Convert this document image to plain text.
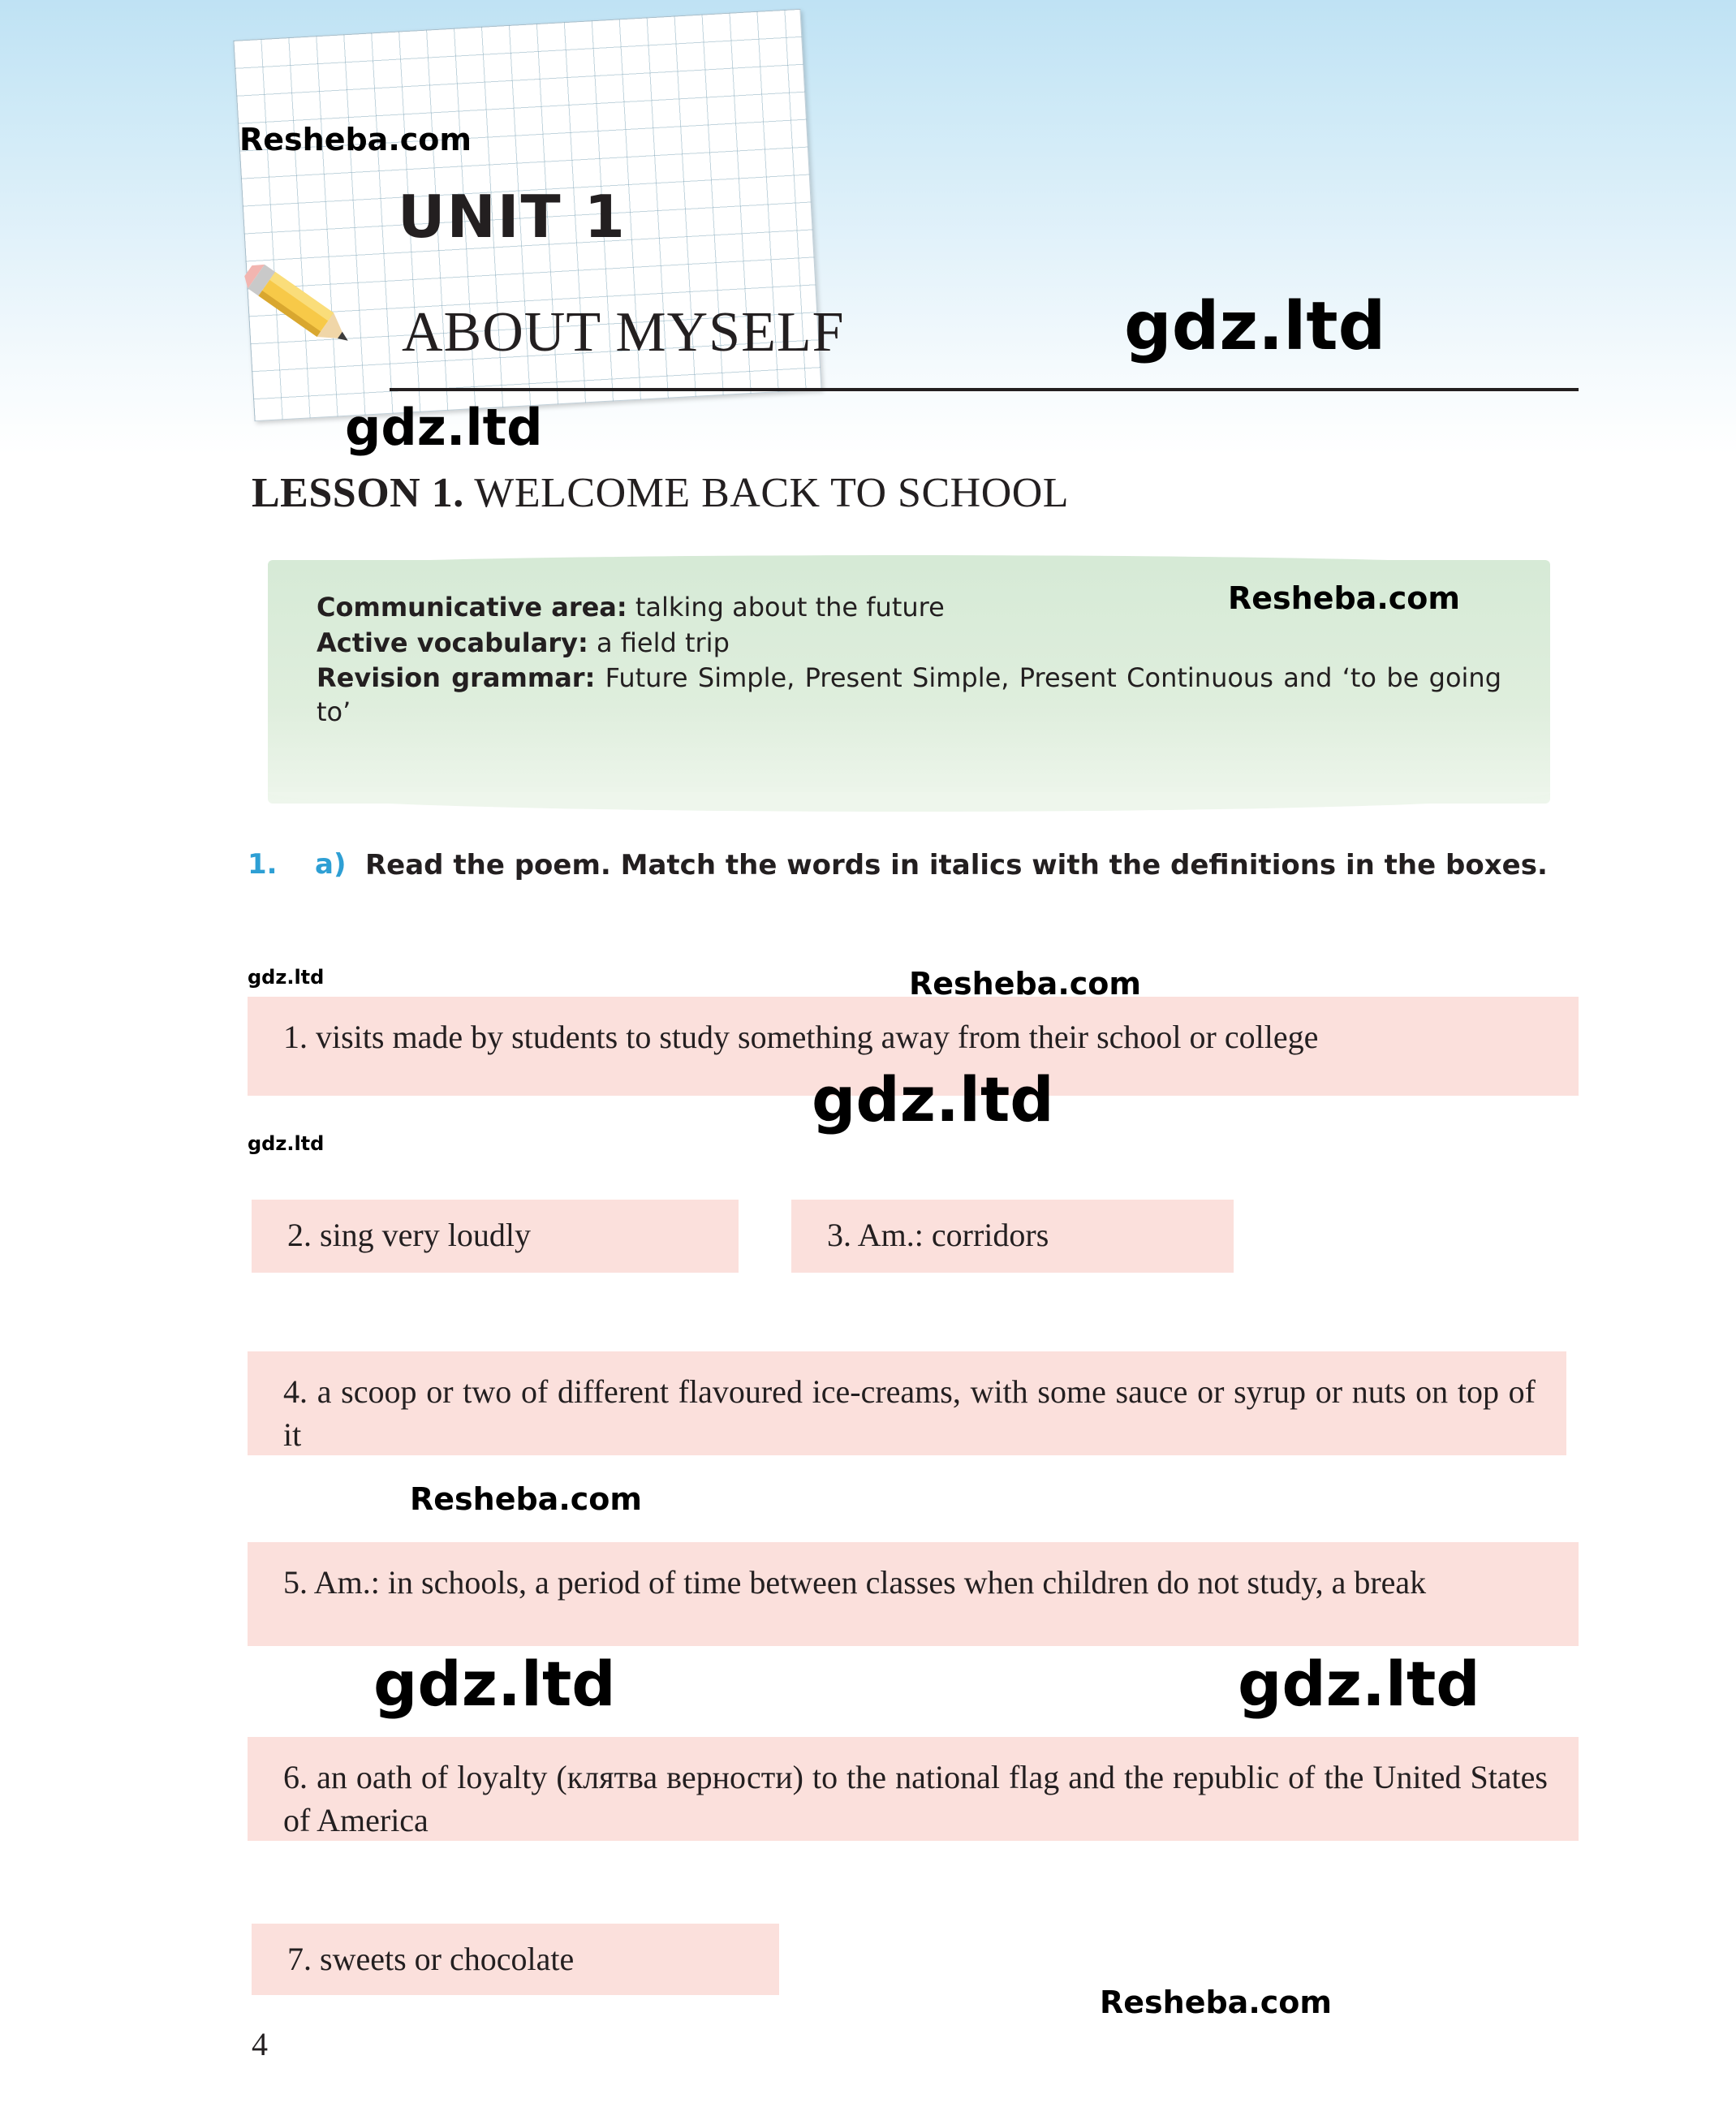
UNIT 1
ABOUT MYSELF
LESSON 1. WELCOME BACK TO SCHOOL
Communicative area: talking about the future
Active vocabulary: a field trip
Revision grammar: Future Simple, Present Simple, Present Continuous and ‘to be going to’
1. a) Read the poem. Match the words in italics with the definitions in the boxes.
1. visits made by students to study something away from their school or college
2. sing very loudly	3. Am.: corridors
4. a scoop or two of different flavoured ice-creams, with some sauce or syrup or nuts on top of it
5. Am.: in schools, a period of time between classes when children do not study, a break
6. an oath of loyalty (клятва верности) to the national flag and the republic of the United States of America
7. sweets or chocolate
4
Resheba.com
gdz.ltd
gdz.ltd
Resheba.com
gdz.ltd	Resheba.com
gdz.ltd
gdz.ltd
Resheba.com
gdz.ltd	gdz.ltd
Resheba.com
